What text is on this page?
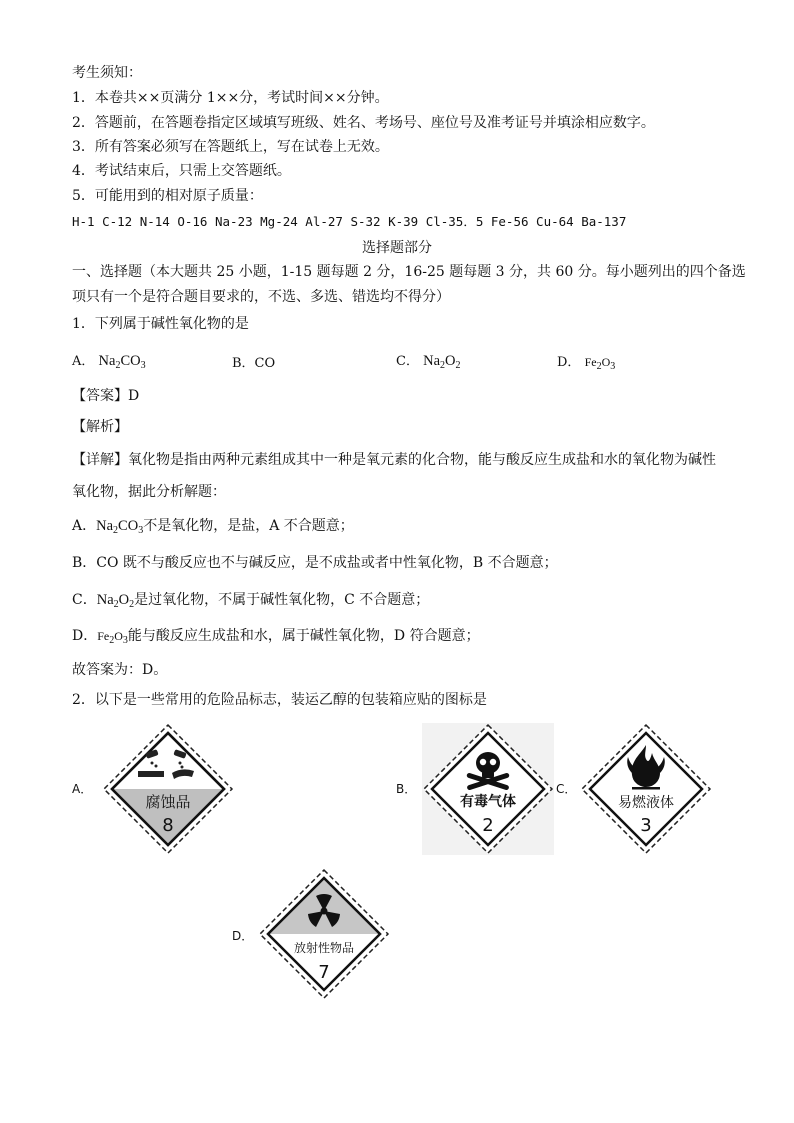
考生须知：
1．本卷共××页满分 1××分，考试时间××分钟。
2．答题前，在答题卷指定区域填写班级、姓名、考场号、座位号及准考证号并填涂相应数字。
3．所有答案必须写在答题纸上，写在试卷上无效。
4．考试结束后，只需上交答题纸。
5．可能用到的相对原子质量：
H-1 C-12 N-14 O-16 Na-23 Mg-24 Al-27 S-32 K-39 Cl-35．5 Fe-56 Cu-64 Ba-137
选择题部分
一、选择题（本大题共 25 小题，1-15 题每题 2 分，16-25 题每题 3 分，共 60 分。每小题列出的四个备选
项只有一个是符合题目要求的，不选、多选、错选均不得分）
1．下列属于碱性氧化物的是
A． $Na_2CO_3$	B．CO	C． $Na_2O_2$	D． $Fe_2O_3$
【答案】D
【解析】
【详解】氧化物是指由两种元素组成其中一种是氧元素的化合物，能与酸反应生成盐和水的氧化物为碱性
氧化物，据此分析解题：
A．$Na_2CO_3$不是氧化物，是盐，A 不合题意；
B．CO 既不与酸反应也不与碱反应，是不成盐或者中性氧化物，B 不合题意；
C．$Na_2O_2$是过氧化物，不属于碱性氧化物，C 不合题意；
D．$Fe_2O_3$能与酸反应生成盐和水，属于碱性氧化物，D 符合题意；
故答案为：D。
2．以下是一些常用的危险品标志，装运乙醇的包装箱应贴的图标是
A．	B．	C．
D．
腐蚀品
8
有毒气体
2
易燃液体
3
放射性物品
7
